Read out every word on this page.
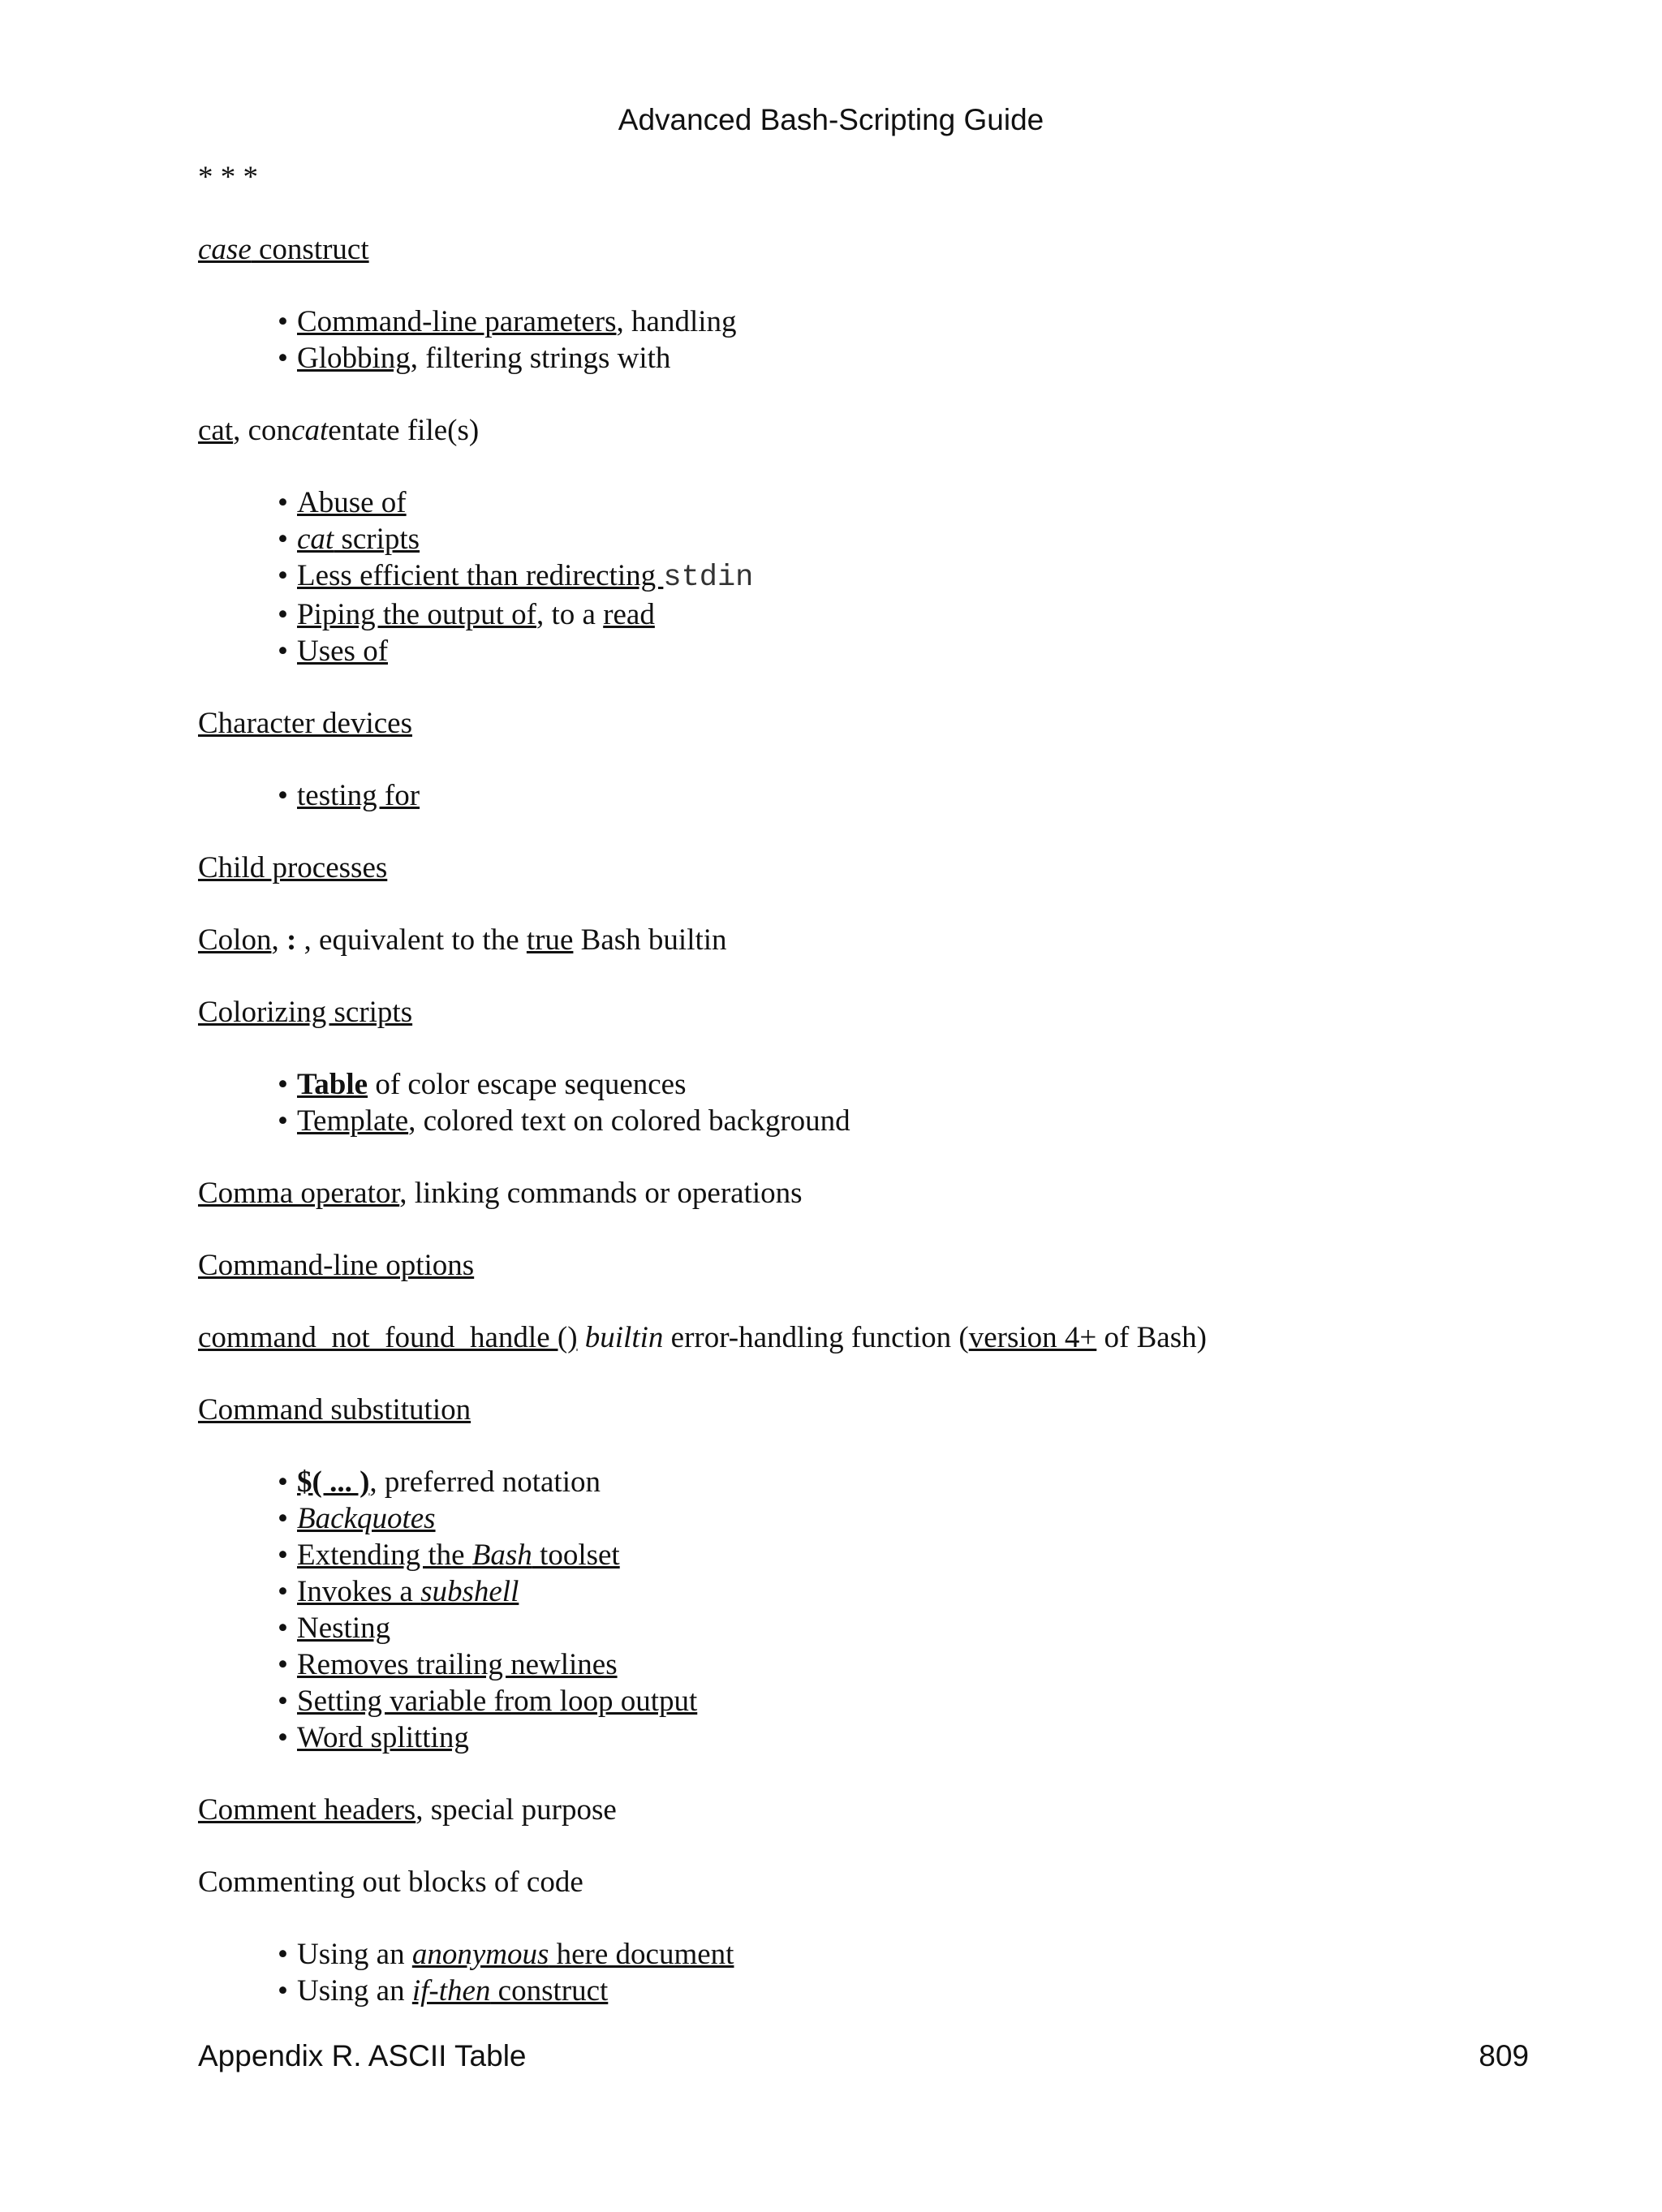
Advanced Bash-Scripting Guide
* * *
case construct
• Command-line parameters, handling
• Globbing, filtering strings with
cat, concatentate file(s)
• Abuse of
• cat scripts
• Less efficient than redirecting stdin
• Piping the output of, to a read
• Uses of
Character devices
• testing for
Child processes
Colon, : , equivalent to the true Bash builtin
Colorizing scripts
• Table of color escape sequences
• Template, colored text on colored background
Comma operator, linking commands or operations
Command-line options
command_not_found_handle () builtin error-handling function (version 4+ of Bash)
Command substitution
• $( ... ), preferred notation
• Backquotes
• Extending the Bash toolset
• Invokes a subshell
• Nesting
• Removes trailing newlines
• Setting variable from loop output
• Word splitting
Comment headers, special purpose
Commenting out blocks of code
• Using an anonymous here document
• Using an if-then construct
Appendix R. ASCII Table	809
